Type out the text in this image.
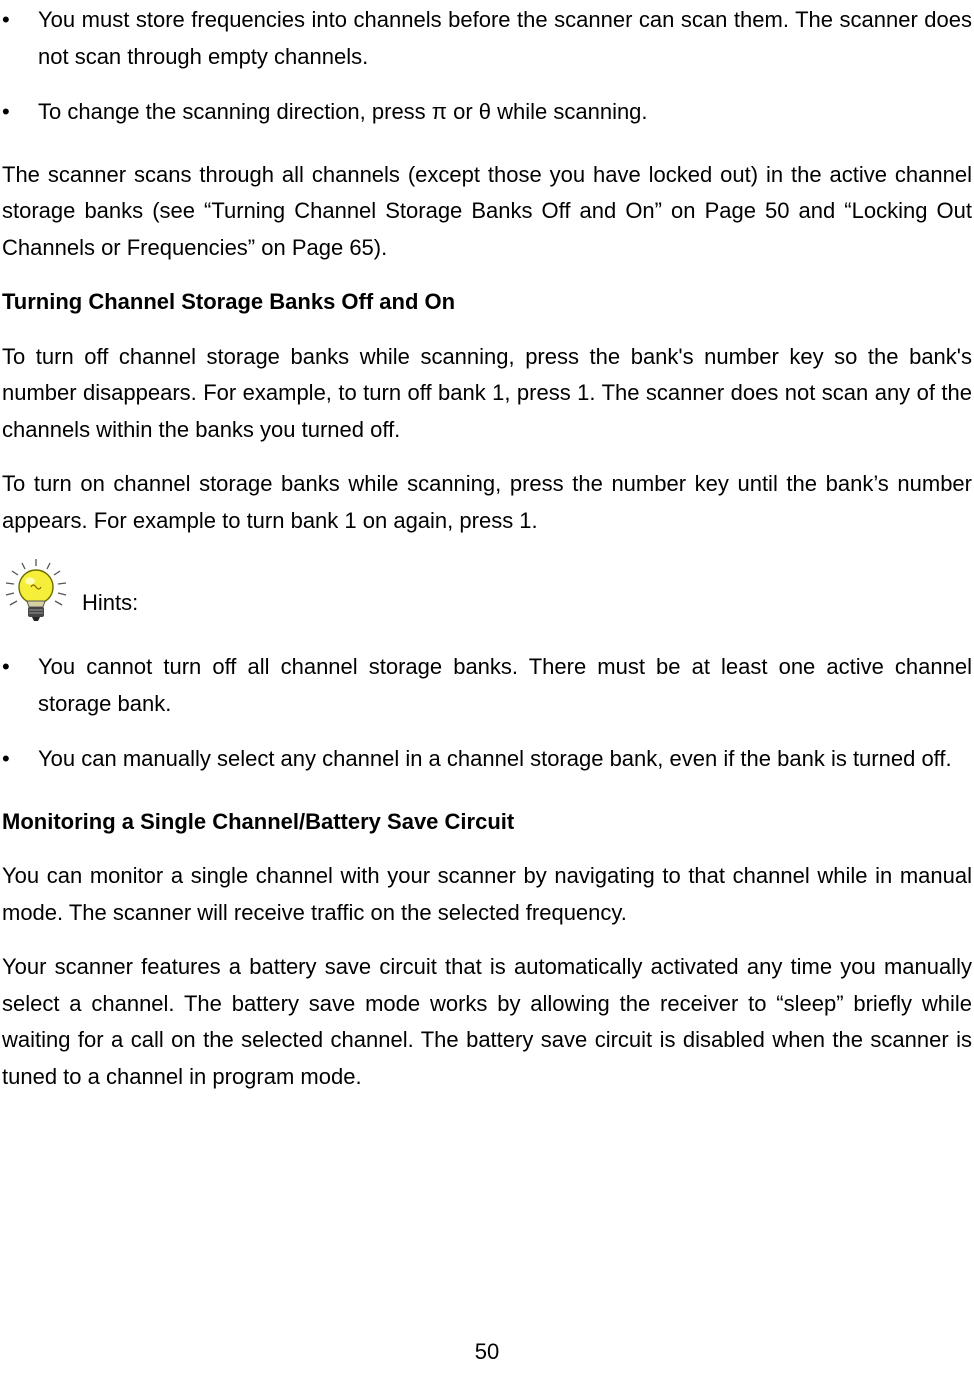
• You must store frequencies into channels before the scanner can scan them. The scanner does not scan through empty channels.
• To change the scanning direction, press π or θ while scanning.

The scanner scans through all channels (except those you have locked out) in the active channel storage banks (see “Turning Channel Storage Banks Off and On” on Page 50 and “Locking Out Channels or Frequencies” on Page 65).

Turning Channel Storage Banks Off and On

To turn off channel storage banks while scanning, press the bank's number key so the bank's number disappears. For example, to turn off bank 1, press 1. The scanner does not scan any of the channels within the banks you turned off.

To turn on channel storage banks while scanning, press the number key until the bank’s number appears. For example to turn bank 1 on again, press 1.

Hints:
• You cannot turn off all channel storage banks. There must be at least one active channel storage bank.
• You can manually select any channel in a channel storage bank, even if the bank is turned off.

Monitoring a Single Channel/Battery Save Circuit

You can monitor a single channel with your scanner by navigating to that channel while in manual mode. The scanner will receive traffic on the selected frequency.

Your scanner features a battery save circuit that is automatically activated any time you manually select a channel. The battery save mode works by allowing the receiver to “sleep” briefly while waiting for a call on the selected channel. The battery save circuit is disabled when the scanner is tuned to a channel in program mode.

50
